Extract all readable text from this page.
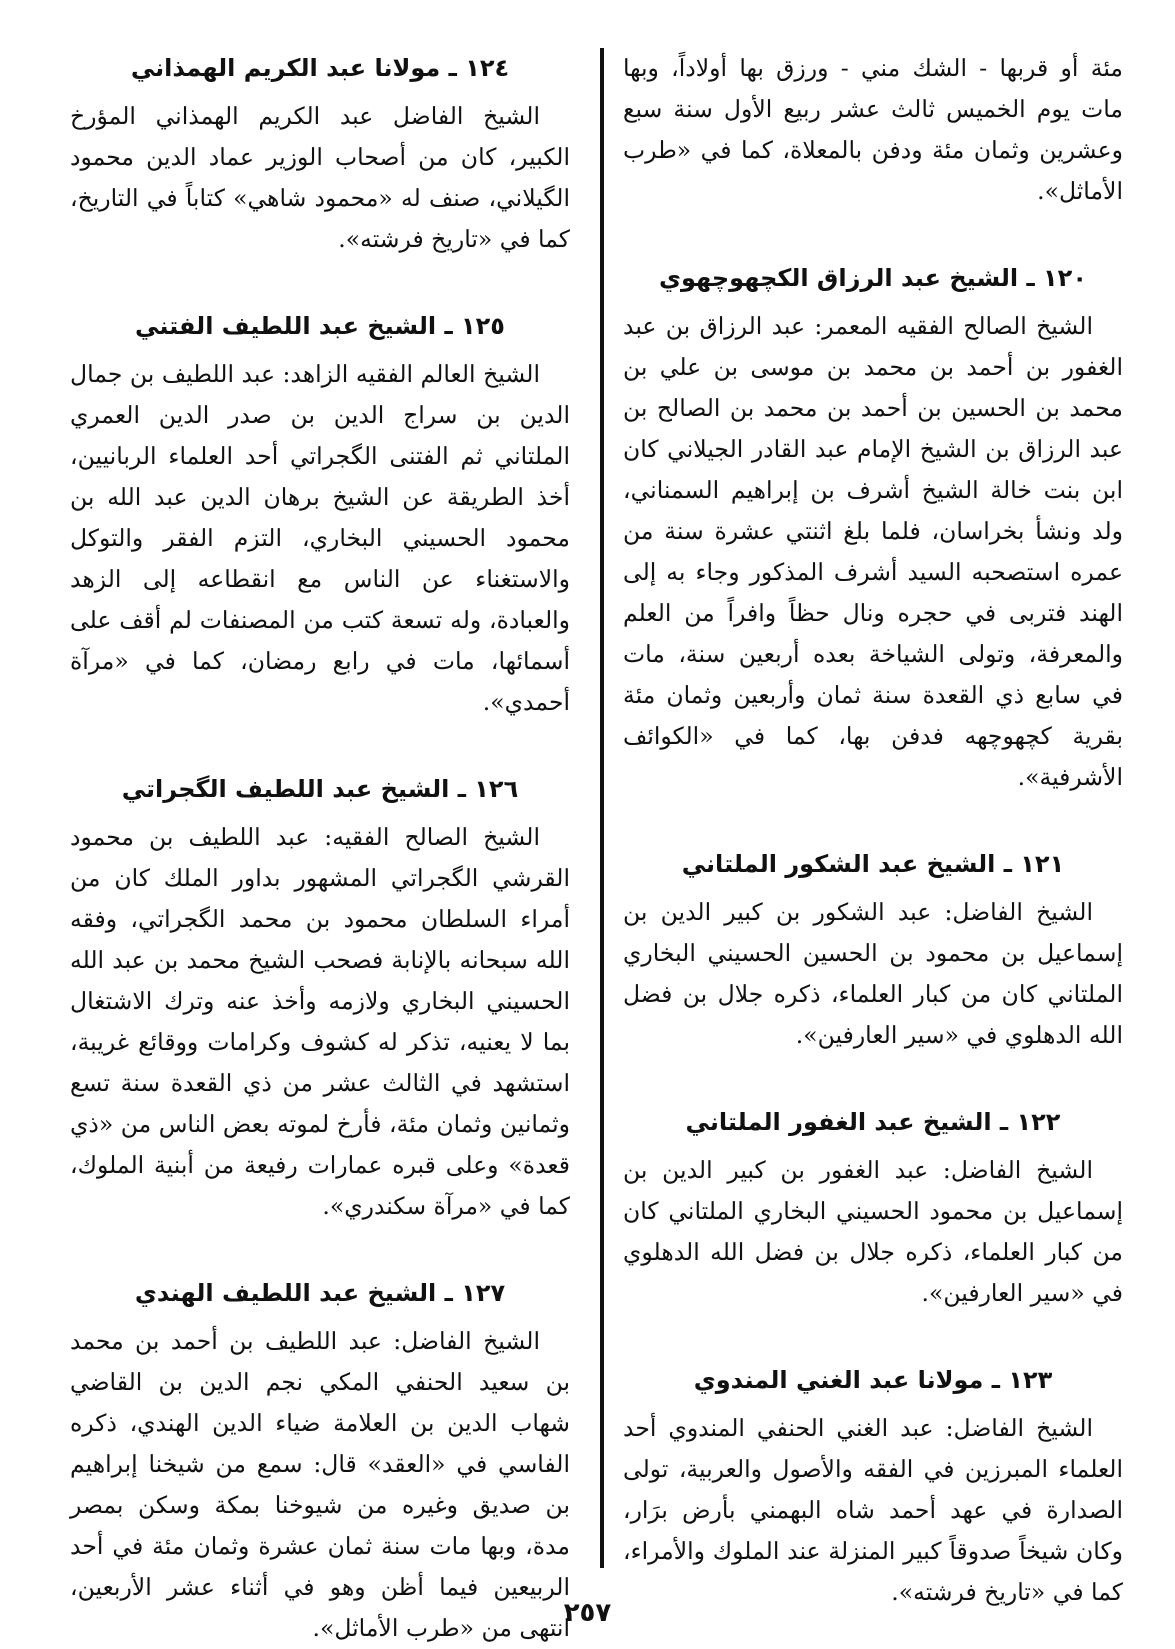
مئة أو قربها - الشك مني - ورزق بها أولاداً، وبها مات يوم الخميس ثالث عشر ربيع الأول سنة سبع وعشرين وثمان مئة ودفن بالمعلاة، كما في «طرب الأماثل».

١٢٠ ـ الشيخ عبد الرزاق الكچھوچھوي

الشيخ الصالح الفقيه المعمر: عبد الرزاق بن عبد الغفور بن أحمد بن محمد بن موسى بن علي بن محمد بن الحسين بن أحمد بن محمد بن الصالح بن عبد الرزاق بن الشيخ الإمام عبد القادر الجيلاني كان ابن بنت خالة الشيخ أشرف بن إبراهيم السمناني، ولد ونشأ بخراسان، فلما بلغ اثنتي عشرة سنة من عمره استصحبه السيد أشرف المذكور وجاء به إلى الهند فتربى في حجره ونال حظاً وافراً من العلم والمعرفة، وتولى الشياخة بعده أربعين سنة، مات في سابع ذي القعدة سنة ثمان وأربعين وثمان مئة بقرية كچھوچھه فدفن بها، كما في «الكوائف الأشرفية».

١٢١ ـ الشيخ عبد الشكور الملتاني

الشيخ الفاضل: عبد الشكور بن كبير الدين بن إسماعيل بن محمود بن الحسين الحسيني البخاري الملتاني كان من كبار العلماء، ذكره جلال بن فضل الله الدهلوي في «سير العارفين».

١٢٢ ـ الشيخ عبد الغفور الملتاني

الشيخ الفاضل: عبد الغفور بن كبير الدين بن إسماعيل بن محمود الحسيني البخاري الملتاني كان من كبار العلماء، ذكره جلال بن فضل الله الدهلوي في «سير العارفين».

١٢٣ ـ مولانا عبد الغني المندوي

الشيخ الفاضل: عبد الغني الحنفي المندوي أحد العلماء المبرزين في الفقه والأصول والعربية، تولى الصدارة في عهد أحمد شاه البهمني بأرض برَار، وكان شيخاً صدوقاً كبير المنزلة عند الملوك والأمراء، كما في «تاريخ فرشته».

١٢٤ ـ مولانا عبد الكريم الهمذاني

الشيخ الفاضل عبد الكريم الهمذاني المؤرخ الكبير، كان من أصحاب الوزير عماد الدين محمود الگيلاني، صنف له «محمود شاهي» كتاباً في التاريخ، كما في «تاريخ فرشته».

١٢٥ ـ الشيخ عبد اللطيف الفتني

الشيخ العالم الفقيه الزاهد: عبد اللطيف بن جمال الدين بن سراج الدين بن صدر الدين العمري الملتاني ثم الفتنى الگجراتي أحد العلماء الربانيين، أخذ الطريقة عن الشيخ برهان الدين عبد الله بن محمود الحسيني البخاري، التزم الفقر والتوكل والاستغناء عن الناس مع انقطاعه إلى الزهد والعبادة، وله تسعة كتب من المصنفات لم أقف على أسمائها، مات في رابع رمضان، كما في «مرآة أحمدي».

١٢٦ ـ الشيخ عبد اللطيف الگجراتي

الشيخ الصالح الفقيه: عبد اللطيف بن محمود القرشي الگجراتي المشهور بداور الملك كان من أمراء السلطان محمود بن محمد الگجراتي، وفقه الله سبحانه بالإنابة فصحب الشيخ محمد بن عبد الله الحسيني البخاري ولازمه وأخذ عنه وترك الاشتغال بما لا يعنيه، تذكر له كشوف وكرامات ووقائع غريبة، استشهد في الثالث عشر من ذي القعدة سنة تسع وثمانين وثمان مئة، فأرخ لموته بعض الناس من «ذي قعدة» وعلى قبره عمارات رفيعة من أبنية الملوك، كما في «مرآة سكندري».

١٢٧ ـ الشيخ عبد اللطيف الهندي

الشيخ الفاضل: عبد اللطيف بن أحمد بن محمد بن سعيد الحنفي المكي نجم الدين بن القاضي شهاب الدين بن العلامة ضياء الدين الهندي، ذكره الفاسي في «العقد» قال: سمع من شيخنا إبراهيم بن صديق وغيره من شيوخنا بمكة وسكن بمصر مدة، وبها مات سنة ثمان عشرة وثمان مئة في أحد الربيعين فيما أظن وهو في أثناء عشر الأربعين، انتهى من «طرب الأماثل».

٢٥٧
